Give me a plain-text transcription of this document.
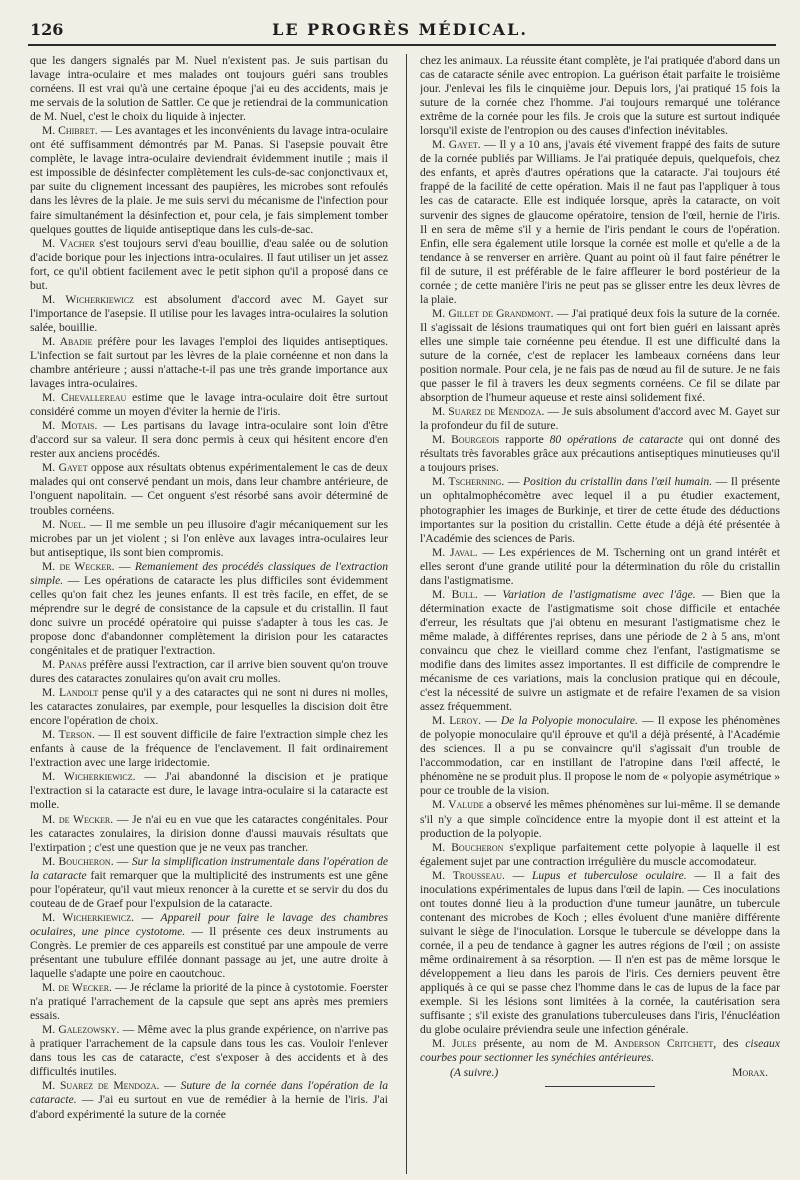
126	LE PROGRÈS MÉDICAL.

que les dangers signalés par M. Nuel n'existent pas. Je suis partisan du lavage intra-oculaire et mes malades ont toujours guéri sans troubles cornéens. Il est vrai qu'à une certaine époque j'ai eu des accidents, mais je me servais de la solution de Sattler. Ce que je retiendrai de la communication de M. Nuel, c'est le choix du liquide à injecter.

M. Chibret. — Les avantages et les inconvénients du lavage intra-oculaire ont été suffisamment démontrés par M. Panas. Si l'asepsie pouvait être complète, le lavage intra-oculaire deviendrait évidemment inutile ; mais il est impossible de désinfecter complètement les culs-de-sac conjonctivaux et, par suite du clignement incessant des paupières, les microbes sont refoulés dans les lèvres de la plaie. Je me suis servi du mécanisme de l'infection pour faire simultanément la désinfection et, pour cela, je fais simplement tomber quelques gouttes de liquide antiseptique dans les culs-de-sac.

M. Vacher s'est toujours servi d'eau bouillie, d'eau salée ou de solution d'acide borique pour les injections intra-oculaires. Il faut utiliser un jet assez fort, ce qu'il obtient facilement avec le petit siphon qu'il a proposé dans ce but.

M. Wicherkiewicz est absolument d'accord avec M. Gayet sur l'importance de l'asepsie. Il utilise pour les lavages intra-oculaires la solution salée, bouillie.

M. Abadie préfère pour les lavages l'emploi des liquides antiseptiques. L'infection se fait surtout par les lèvres de la plaie cornéenne et non dans la chambre antérieure ; aussi n'attache-t-il pas une très grande importance aux lavages intra-oculaires.

M. Chevallereau estime que le lavage intra-oculaire doit être surtout considéré comme un moyen d'éviter la hernie de l'iris.

M. Motais. — Les partisans du lavage intra-oculaire sont loin d'être d'accord sur sa valeur. Il sera donc permis à ceux qui hésitent encore d'en rester aux anciens procédés.

M. Gayet oppose aux résultats obtenus expérimentalement le cas de deux malades qui ont conservé pendant un mois, dans leur chambre antérieure, de l'onguent napolitain. — Cet onguent s'est résorbé sans avoir déterminé de troubles cornéens.

M. Nuel. — Il me semble un peu illusoire d'agir mécaniquement sur les microbes par un jet violent ; si l'on enlève aux lavages intra-oculaires leur but antiseptique, ils sont bien compromis.

M. de Wecker. — Remaniement des procédés classiques de l'extraction simple. — Les opérations de cataracte les plus difficiles sont évidemment celles qu'on fait chez les jeunes enfants. Il est très facile, en effet, de se méprendre sur le degré de consistance de la capsule et du cristallin. Il faut donc suivre un procédé opératoire qui puisse s'adapter à tous les cas. Je propose donc d'abandonner complètement la dirision pour les cataractes congénitales et de pratiquer l'extraction.

M. Panas préfère aussi l'extraction, car il arrive bien souvent qu'on trouve dures des cataractes zonulaires qu'on avait cru molles.

M. Landolt pense qu'il y a des cataractes qui ne sont ni dures ni molles, les cataractes zonulaires, par exemple, pour lesquelles la discision doit être encore l'opération de choix.

M. Terson. — Il est souvent difficile de faire l'extraction simple chez les enfants à cause de la fréquence de l'enclavement. Il fait ordinairement l'extraction avec une large iridectomie.

M. Wicherkiewicz. — J'ai abandonné la discision et je pratique l'extraction si la cataracte est dure, le lavage intra-oculaire si la cataracte est molle.

M. de Wecker. — Je n'ai eu en vue que les cataractes congénitales. Pour les cataractes zonulaires, la dirision donne d'aussi mauvais résultats que l'extirpation ; c'est une question que je ne veux pas trancher.

M. Boucheron. — Sur la simplification instrumentale dans l'opération de la cataracte fait remarquer que la multiplicité des instruments est une gêne pour l'opérateur, qu'il vaut mieux renoncer à la curette et se servir du dos du couteau de de Graef pour l'expulsion de la cataracte.

M. Wicherkiewicz. — Appareil pour faire le lavage des chambres oculaires, une pince cystotome. — Il présente ces deux instruments au Congrès. Le premier de ces appareils est constitué par une ampoule de verre présentant une tubulure effilée donnant passage au jet, une autre droite à laquelle s'adapte une poire en caoutchouc.

M. de Wecker. — Je réclame la priorité de la pince à cystotomie. Foerster n'a pratiqué l'arrachement de la capsule que sept ans après mes premiers essais.

M. Galezowsky. — Même avec la plus grande expérience, on n'arrive pas à pratiquer l'arrachement de la capsule dans tous les cas. Vouloir l'enlever dans tous les cas de cataracte, c'est s'exposer à des accidents et à des difficultés inutiles.

M. Suarez de Mendoza. — Suture de la cornée dans l'opération de la cataracte. — J'ai eu surtout en vue de remédier à la hernie de l'iris. J'ai d'abord expérimenté la suture de la cornée

chez les animaux. La réussite étant complète, je l'ai pratiquée d'abord dans un cas de cataracte sénile avec entropion. La guérison était parfaite le troisième jour. J'enlevai les fils le cinquième jour. Depuis lors, j'ai pratiqué 15 fois la suture de la cornée chez l'homme. J'ai toujours remarqué une tolérance extrême de la cornée pour les fils. Je crois que la suture est surtout indiquée lorsqu'il existe de l'entropion ou des causes d'infection inévitables.

M. Gayet. — Il y a 10 ans, j'avais été vivement frappé des faits de suture de la cornée publiés par Williams. Je l'ai pratiquée depuis, quelquefois, chez des enfants, et après d'autres opérations que la cataracte. J'ai toujours été frappé de la facilité de cette opération. Mais il ne faut pas l'appliquer à tous les cas de cataracte. Elle est indiquée lorsque, après la cataracte, on voit survenir des signes de glaucome opératoire, tension de l'œil, hernie de l'iris. Il en sera de même s'il y a hernie de l'iris pendant le cours de l'opération. Enfin, elle sera également utile lorsque la cornée est molle et qu'elle a de la tendance à se renverser en arrière. Quant au point où il faut faire pénétrer le fil de suture, il est préférable de le faire affleurer le bord postérieur de la cornée ; de cette manière l'iris ne peut pas se glisser entre les deux lèvres de la plaie.

M. Gillet de Grandmont. — J'ai pratiqué deux fois la suture de la cornée. Il s'agissait de lésions traumatiques qui ont fort bien guéri en laissant après elles une simple taie cornéenne peu étendue. Il est une difficulté dans la suture de la cornée, c'est de replacer les lambeaux cornéens dans leur position normale. Pour cela, je ne fais pas de nœud au fil de suture. Je ne fais que passer le fil à travers les deux segments cornéens. Ce fil se dilate par absorption de l'humeur aqueuse et reste ainsi solidement fixé.

M. Suarez de Mendoza. — Je suis absolument d'accord avec M. Gayet sur la profondeur du fil de suture.

M. Bourgeois rapporte 80 opérations de cataracte qui ont donné des résultats très favorables grâce aux précautions antiseptiques minutieuses qu'il a toujours prises.

M. Tscherning. — Position du cristallin dans l'œil humain. — Il présente un ophtalmophécomètre avec lequel il a pu étudier exactement, photographier les images de Burkinje, et tirer de cette étude des déductions importantes sur la position du cristallin. Cette étude a déjà été présentée à l'Académie des sciences de Paris.

M. Javal. — Les expériences de M. Tscherning ont un grand intérêt et elles seront d'une grande utilité pour la détermination du rôle du cristallin dans l'astigmatisme.

M. Bull. — Variation de l'astigmatisme avec l'âge. — Bien que la détermination exacte de l'astigmatisme soit chose difficile et entachée d'erreur, les résultats que j'ai obtenu en mesurant l'astigmatisme chez le même malade, à différentes reprises, dans une période de 2 à 5 ans, m'ont convaincu que chez le vieillard comme chez l'enfant, l'astigmatisme se modifie dans des limites assez importantes. Il est difficile de comprendre le mécanisme de ces variations, mais la conclusion pratique qui en découle, c'est la nécessité de suivre un astigmate et de refaire l'examen de sa vision assez fréquemment.

M. Leroy. — De la Polyopie monoculaire. — Il expose les phénomènes de polyopie monoculaire qu'il éprouve et qu'il a déjà présenté, à l'Académie des sciences. Il a pu se convaincre qu'il s'agissait d'un trouble de l'accommodation, car en instillant de l'atropine dans l'œil affecté, le phénomène ne se produit plus. Il propose le nom de « polyopie asymétrique » pour ce trouble de la vision.

M. Valude a observé les mêmes phénomènes sur lui-même. Il se demande s'il n'y a que simple coïncidence entre la myopie dont il est atteint et la production de la polyopie.

M. Boucheron s'explique parfaitement cette polyopie à laquelle il est également sujet par une contraction irrégulière du muscle accomodateur.

M. Trousseau. — Lupus et tuberculose oculaire. — Il a fait des inoculations expérimentales de lupus dans l'œil de lapin. — Ces inoculations ont toutes donné lieu à la production d'une tumeur jaunâtre, un tubercule contenant des microbes de Koch ; elles évoluent d'une manière différente suivant le siège de l'inoculation. Lorsque le tubercule se développe dans la cornée, il a peu de tendance à gagner les autres régions de l'œil ; on assiste même ordinairement à sa résorption. — Il n'en est pas de même lorsque le développement a lieu dans les parois de l'iris. Ces derniers peuvent être appliqués à ce qui se passe chez l'homme dans le cas de lupus de la face par exemple. Si les lésions sont limitées à la cornée, la cautérisation sera suffisante ; s'il existe des granulations tuberculeuses dans l'iris, l'énucléation du globe oculaire préviendra seule une infection générale.

M. Jules présente, au nom de M. Anderson Critchett, des ciseaux courbes pour sectionner les synéchies antérieures.

(A suivre.)	Morax.
